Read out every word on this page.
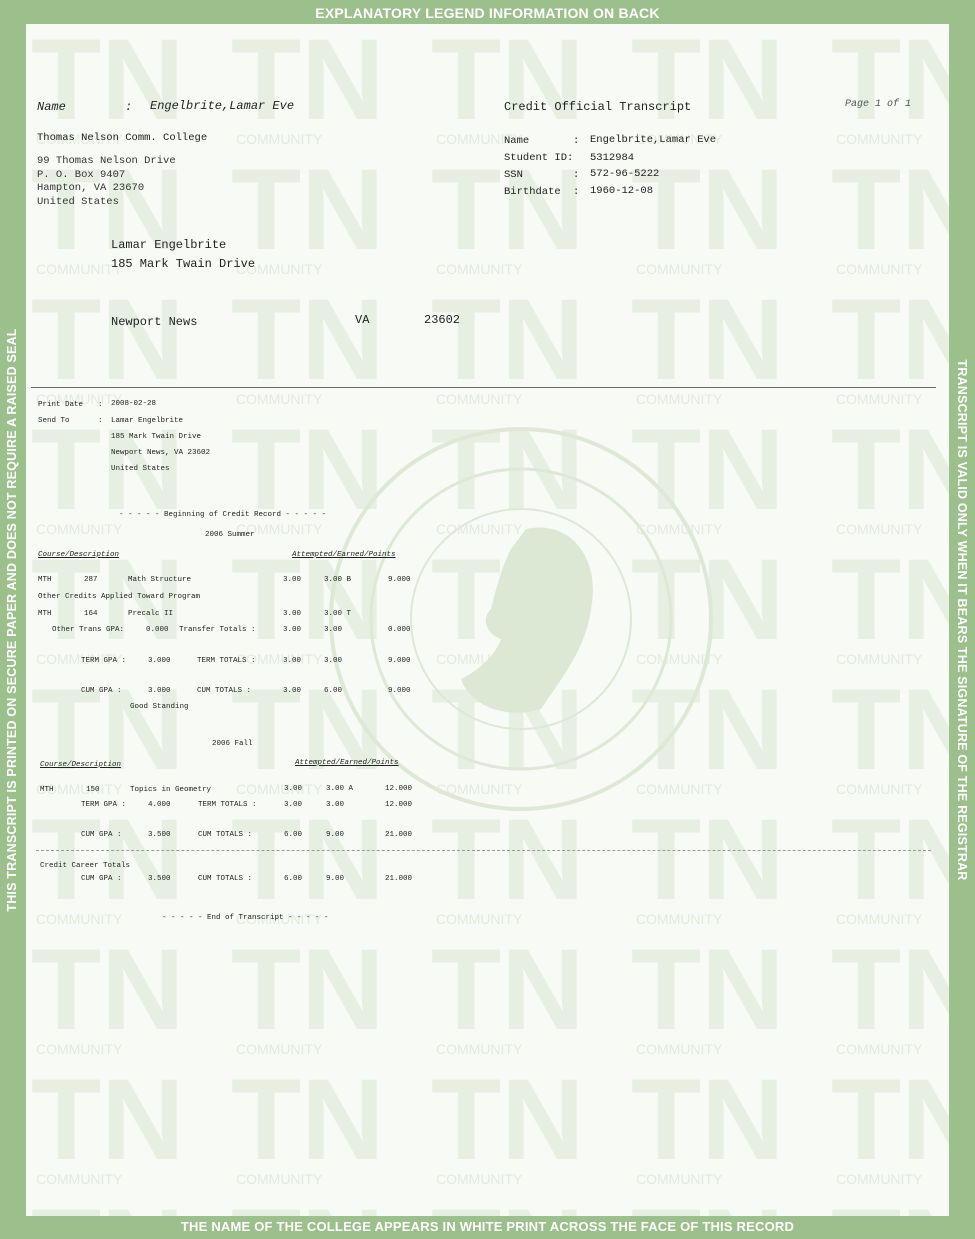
EXPLANATORY LEGEND INFORMATION ON BACK
THE NAME OF THE COLLEGE APPEARS IN WHITE PRINT ACROSS THE FACE OF THIS RECORD
THIS TRANSCRIPT IS PRINTED ON SECURE PAPER AND DOES NOT REQUIRE A RAISED SEAL	TRANSCRIPT IS VALID ONLY WHEN IT BEARS THE SIGNATURE OF THE REGISTRAR
Name	: Engelbrite,Lamar Eve	Credit Official Transcript	Page 1 of 1
Thomas Nelson Comm. College
99 Thomas Nelson Drive
P. O. Box 9407
Hampton, VA 23670
United States
Name	: Engelbrite,Lamar Eve
Student ID: 5312984
SSN	: 572-96-5222
Birthdate : 1960-12-08
Lamar Engelbrite
185 Mark Twain Drive
Newport News	VA	23602
Print Date : 2008-02-28
Send To	: Lamar Engelbrite
185 Mark Twain Drive
Newport News, VA 23602
United States
- - - - - Beginning of Credit Record - - - - -
2006 Summer
Course/Description	Attempted/Earned/Points
MTH	287	Math Structure	3.00	3.00 B	9.000
Other Credits Applied Toward Program
MTH	164	Precalc II	3.00	3.00 T
Other Trans GPA:	0.000 Transfer Totals :	3.00	3.00	0.000
TERM GPA :	3.000	TERM TOTALS :	3.00	3.00	9.000
CUM GPA :	3.000	CUM TOTALS :	3.00	6.00	9.000
Good Standing
2006 Fall
Course/Description	Attempted/Earned/Points
MTH	150	Topics in Geometry	3.00	3.00 A	12.000
TERM GPA :	4.000	TERM TOTALS :	3.00	3.00	12.000
CUM GPA :	3.500	CUM TOTALS :	6.00	9.00	21.000
Credit Career Totals
CUM GPA :	3.500	CUM TOTALS :	6.00	9.00	21.000
- - - - - End of Transcript - - - - -
